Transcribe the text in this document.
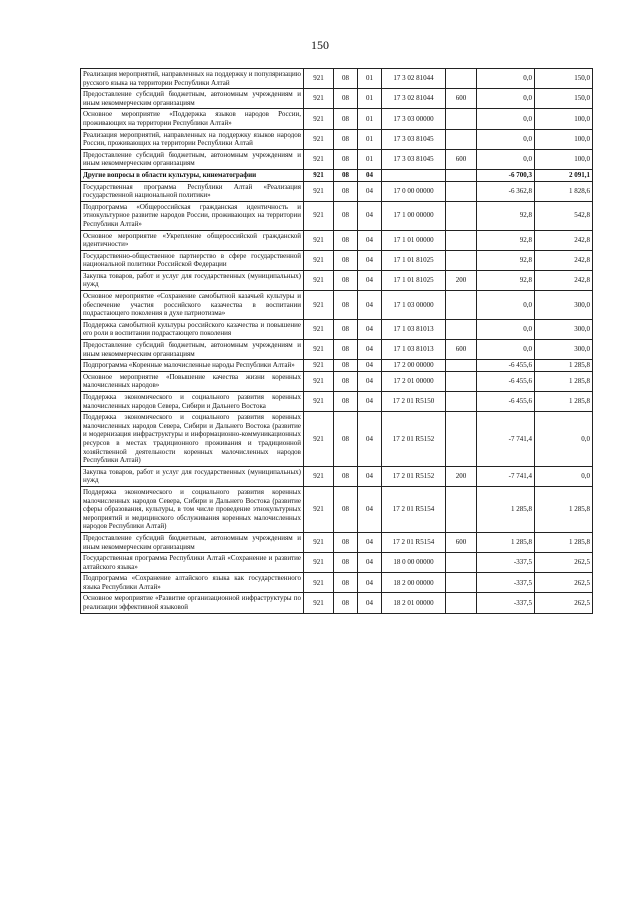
150
Реализация мероприятий, направленных на поддержку и популяризацию русского языка на территории Республики Алтай	921	08	01	17 3 02 81044		0,0	150,0
Предоставление субсидий бюджетным, автономным учреждениям и иным некоммерческим организациям	921	08	01	17 3 02 81044	600	0,0	150,0
Основное мероприятие «Поддержка языков народов России, проживающих на территории Республики Алтай»	921	08	01	17 3 03 00000		0,0	100,0
Реализация мероприятий, направленных на поддержку языков народов России, проживающих на территории Республики Алтай	921	08	01	17 3 03 81045		0,0	100,0
Предоставление субсидий бюджетным, автономным учреждениям и иным некоммерческим организациям	921	08	01	17 3 03 81045	600	0,0	100,0
Другие вопросы в области культуры, кинематографии	921	08	04			-6 700,3	2 091,1
Государственная программа Республики Алтай «Реализация государственной национальной политики»	921	08	04	17 0 00 00000		-6 362,8	1 828,6
Подпрограмма «Общероссийская гражданская идентичность и этнокультурное развитие народов России, проживающих на территории Республики Алтай»	921	08	04	17 1 00 00000		92,8	542,8
Основное мероприятие «Укрепление общероссийской гражданской идентичности»	921	08	04	17 1 01 00000		92,8	242,8
Государственно-общественное партнерство в сфере государственной национальной политики Российской Федерации	921	08	04	17 1 01 81025		92,8	242,8
Закупка товаров, работ и услуг для государственных (муниципальных) нужд	921	08	04	17 1 01 81025	200	92,8	242,8
Основное мероприятие «Сохранение самобытной казачьей культуры и обеспечение участия российского казачества в воспитании подрастающего поколения в духе патриотизма»	921	08	04	17 1 03 00000		0,0	300,0
Поддержка самобытной культуры российского казачества и повышение его роли в воспитании подрастающего поколения	921	08	04	17 1 03 81013		0,0	300,0
Предоставление субсидий бюджетным, автономным учреждениям и иным некоммерческим организациям	921	08	04	17 1 03 81013	600	0,0	300,0
Подпрограмма «Коренные малочисленные народы Республики Алтай»	921	08	04	17 2 00 00000		-6 455,6	1 285,8
Основное мероприятие «Повышение качества жизни коренных малочисленных народов»	921	08	04	17 2 01 00000		-6 455,6	1 285,8
Поддержка экономического и социального развития коренных малочисленных народов Севера, Сибири и Дальнего Востока	921	08	04	17 2 01 R5150		-6 455,6	1 285,8
Поддержка экономического и социального развития коренных малочисленных народов Севера, Сибири и Дальнего Востока (развитие и модернизация инфраструктуры и информационно-коммуникационных ресурсов в местах традиционного проживания и традиционной хозяйственной деятельности коренных малочисленных народов Республики Алтай)	921	08	04	17 2 01 R5152		-7 741,4	0,0
Закупка товаров, работ и услуг для государственных (муниципальных) нужд	921	08	04	17 2 01 R5152	200	-7 741,4	0,0
Поддержка экономического и социального развития коренных малочисленных народов Севера, Сибири и Дальнего Востока (развитие сферы образования, культуры, в том числе проведение этнокультурных мероприятий и медицинского обслуживания коренных малочисленных народов Республики Алтай)	921	08	04	17 2 01 R5154		1 285,8	1 285,8
Предоставление субсидий бюджетным, автономным учреждениям и иным некоммерческим организациям	921	08	04	17 2 01 R5154	600	1 285,8	1 285,8
Государственная программа Республики Алтай «Сохранение и развитие алтайского языка»	921	08	04	18 0 00 00000		-337,5	262,5
Подпрограмма «Сохранение алтайского языка как государственного языка Республики Алтай»	921	08	04	18 2 00 00000		-337,5	262,5
Основное мероприятие «Развитие организационной инфраструктуры по реализации эффективной языковой	921	08	04	18 2 01 00000		-337,5	262,5
